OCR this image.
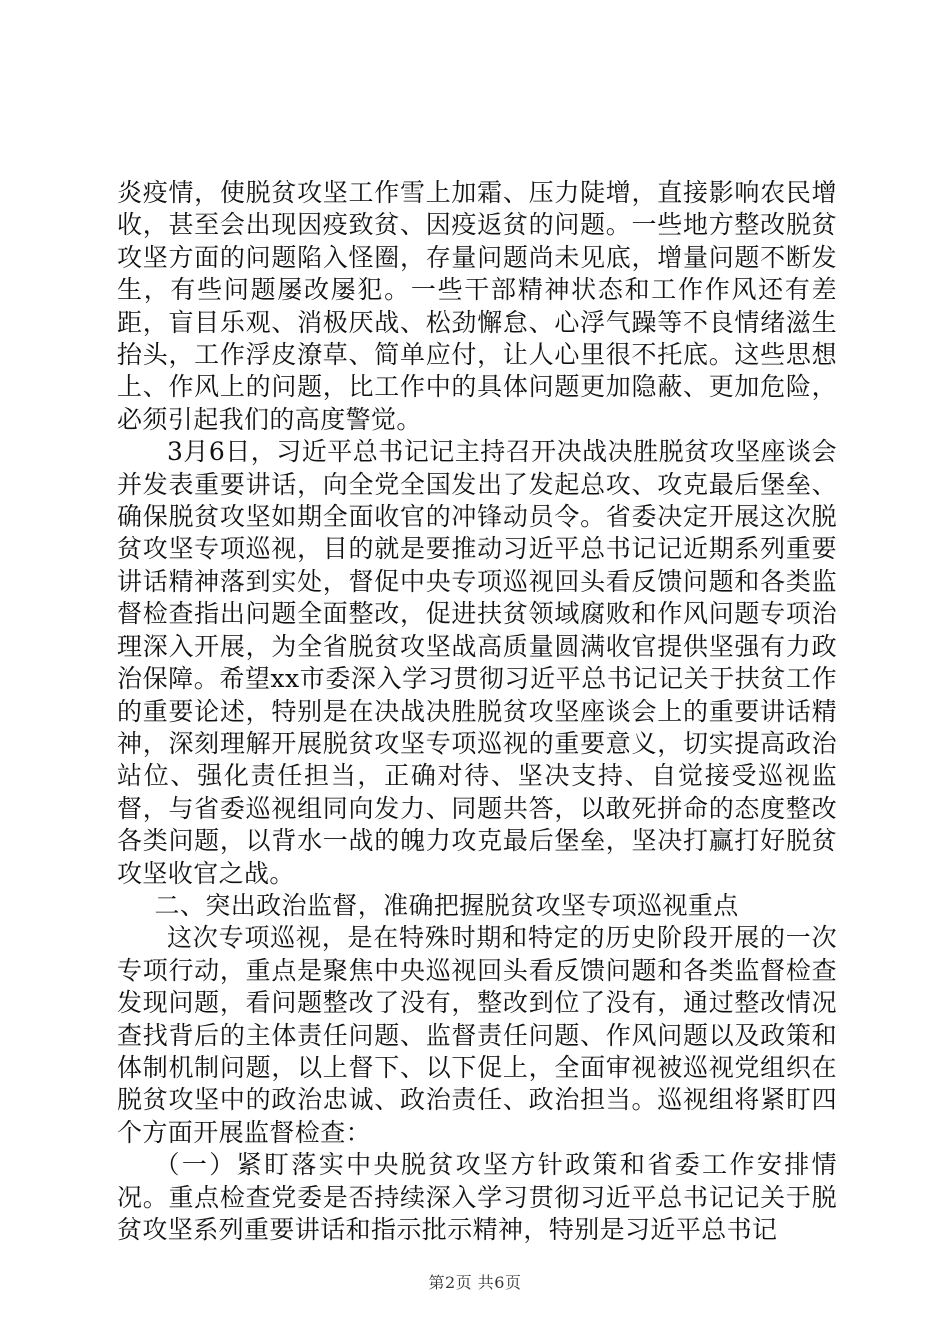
炎疫情，使脱贫攻坚工作雪上加霜、压力陡增，直接影响农民增收，甚至会出现因疫致贫、因疫返贫的问题。一些地方整改脱贫攻坚方面的问题陷入怪圈，存量问题尚未见底，增量问题不断发生，有些问题屡改屡犯。一些干部精神状态和工作作风还有差距，盲目乐观、消极厌战、松劲懈怠、心浮气躁等不良情绪滋生抬头，工作浮皮潦草、简单应付，让人心里很不托底。这些思想上、作风上的问题，比工作中的具体问题更加隐蔽、更加危险，必须引起我们的高度警觉。

3月6日，习近平总书记记主持召开决战决胜脱贫攻坚座谈会并发表重要讲话，向全党全国发出了发起总攻、攻克最后堡垒、确保脱贫攻坚如期全面收官的冲锋动员令。省委决定开展这次脱贫攻坚专项巡视，目的就是要推动习近平总书记记近期系列重要讲话精神落到实处，督促中央专项巡视回头看反馈问题和各类监督检查指出问题全面整改，促进扶贫领域腐败和作风问题专项治理深入开展，为全省脱贫攻坚战高质量圆满收官提供坚强有力政治保障。希望xx市委深入学习贯彻习近平总书记记关于扶贫工作的重要论述，特别是在决战决胜脱贫攻坚座谈会上的重要讲话精神，深刻理解开展脱贫攻坚专项巡视的重要意义，切实提高政治站位、强化责任担当，正确对待、坚决支持、自觉接受巡视监督，与省委巡视组同向发力、同题共答，以敢死拼命的态度整改各类问题，以背水一战的魄力攻克最后堡垒，坚决打赢打好脱贫攻坚收官之战。

二、突出政治监督，准确把握脱贫攻坚专项巡视重点

这次专项巡视，是在特殊时期和特定的历史阶段开展的一次专项行动，重点是聚焦中央巡视回头看反馈问题和各类监督检查发现问题，看问题整改了没有，整改到位了没有，通过整改情况查找背后的主体责任问题、监督责任问题、作风问题以及政策和体制机制问题，以上督下、以下促上，全面审视被巡视党组织在脱贫攻坚中的政治忠诚、政治责任、政治担当。巡视组将紧盯四个方面开展监督检查：

（一）紧盯落实中央脱贫攻坚方针政策和省委工作安排情况。重点检查党委是否持续深入学习贯彻习近平总书记记关于脱贫攻坚系列重要讲话和指示批示精神，特别是习近平总书记

第2页 共6页
